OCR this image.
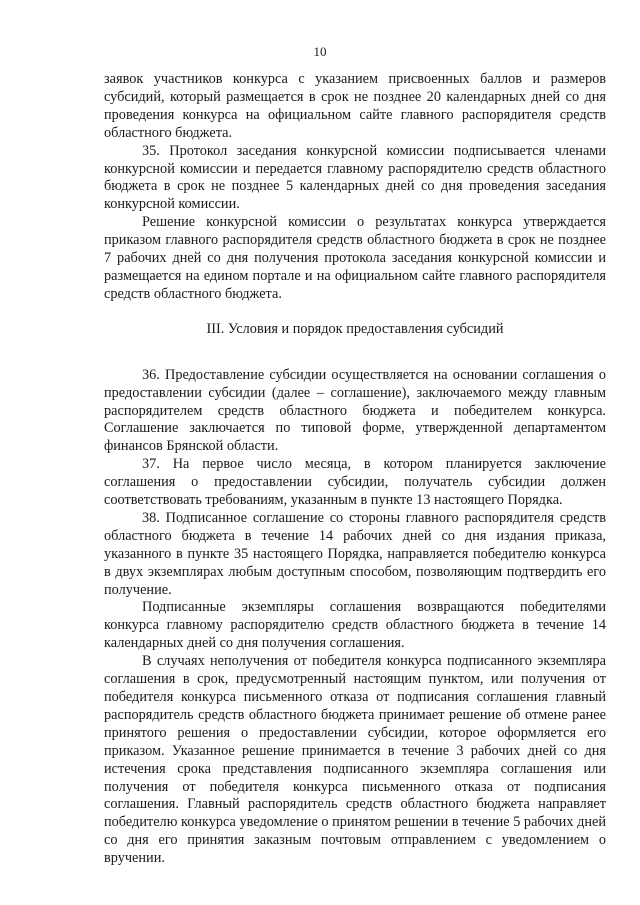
10

заявок участников конкурса с указанием присвоенных баллов и размеров субсидий, который размещается в срок не позднее 20 календарных дней со дня проведения конкурса на официальном сайте главного распорядителя средств областного бюджета.

35. Протокол заседания конкурсной комиссии подписывается членами конкурсной комиссии и передается главному распорядителю средств областного бюджета в срок не позднее 5 календарных дней со дня проведения заседания конкурсной комиссии.

Решение конкурсной комиссии о результатах конкурса утверждается приказом главного распорядителя средств областного бюджета в срок не позднее 7 рабочих дней со дня получения протокола заседания конкурсной комиссии и размещается на едином портале и на официальном сайте главного распорядителя средств областного бюджета.

III. Условия и порядок предоставления субсидий

36. Предоставление субсидии осуществляется на основании соглашения о предоставлении субсидии (далее – соглашение), заключаемого между главным распорядителем средств областного бюджета и победителем конкурса. Соглашение заключается по типовой форме, утвержденной департаментом финансов Брянской области.

37. На первое число месяца, в котором планируется заключение соглашения о предоставлении субсидии, получатель субсидии должен соответствовать требованиям, указанным в пункте 13 настоящего Порядка.

38. Подписанное соглашение со стороны главного распорядителя средств областного бюджета в течение 14 рабочих дней со дня издания приказа, указанного в пункте 35 настоящего Порядка, направляется победителю конкурса в двух экземплярах любым доступным способом, позволяющим подтвердить его получение.

Подписанные экземпляры соглашения возвращаются победителями конкурса главному распорядителю средств областного бюджета в течение 14 календарных дней со дня получения соглашения.

В случаях неполучения от победителя конкурса подписанного экземпляра соглашения в срок, предусмотренный настоящим пунктом, или получения от победителя конкурса письменного отказа от подписания соглашения главный распорядитель средств областного бюджета принимает решение об отмене ранее принятого решения о предоставлении субсидии, которое оформляется его приказом. Указанное решение принимается в течение 3 рабочих дней со дня истечения срока представления подписанного экземпляра соглашения или получения от победителя конкурса письменного отказа от подписания соглашения. Главный распорядитель средств областного бюджета направляет победителю конкурса уведомление о принятом решении в течение 5 рабочих дней со дня его принятия заказным почтовым отправлением с уведомлением о вручении.
